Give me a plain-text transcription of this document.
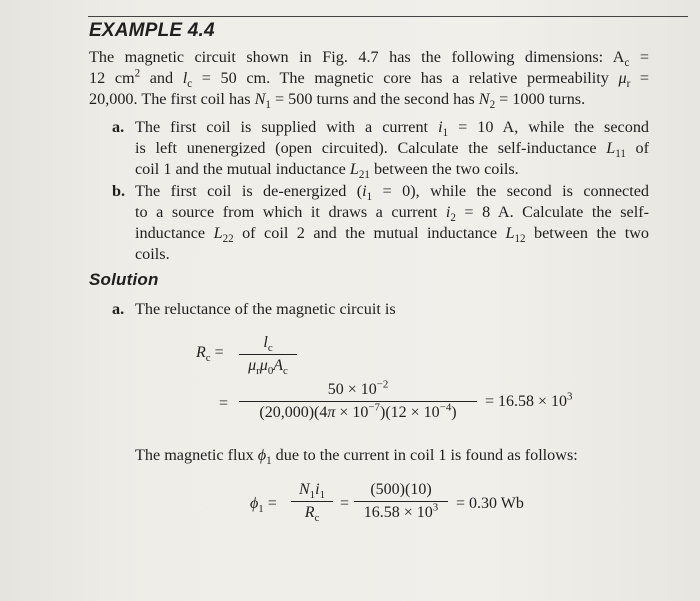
EXAMPLE 4.4
The magnetic circuit shown in Fig. 4.7 has the following dimensions: $A_c$ =
12 $cm^2$ and $l_c = 50$ cm. The magnetic core has a relative permeability $\mu_r$ =
20,000. The first coil has $N_1 = 500$ turns and the second has $N_2 = 1000$ turns.
a. The first coil is supplied with a current $i_1 = 10$ A, while the second
is left unenergized (open circuited). Calculate the self-inductance $L_{11}$ of
coil 1 and the mutual inductance $L_{21}$ between the two coils.
b. The first coil is de-energized $(i_1 = 0)$, while the second is connected
to a source from which it draws a current $i_2 = 8$ A. Calculate the self-
inductance $L_{22}$ of coil 2 and the mutual inductance $L_{12}$ between the two
coils.
Solution
a. The reluctance of the magnetic circuit is
$R_c$ =
$l_c$
$\mu_r\mu_0A_c$
= $\frac{50 \times 10^{-2}}{(20,000)(4\pi \times 10^{-7})(12 \times 10^{-4})} = 16.58 \times 10^3$
The magnetic flux $\phi_1$ due to the current in coil 1 is found as follows:
$\phi_1 = \frac{N_1i_1}{R_c} = \frac{(500)(10)}{16.58 \times 10^3} = 0.30$ Wb
